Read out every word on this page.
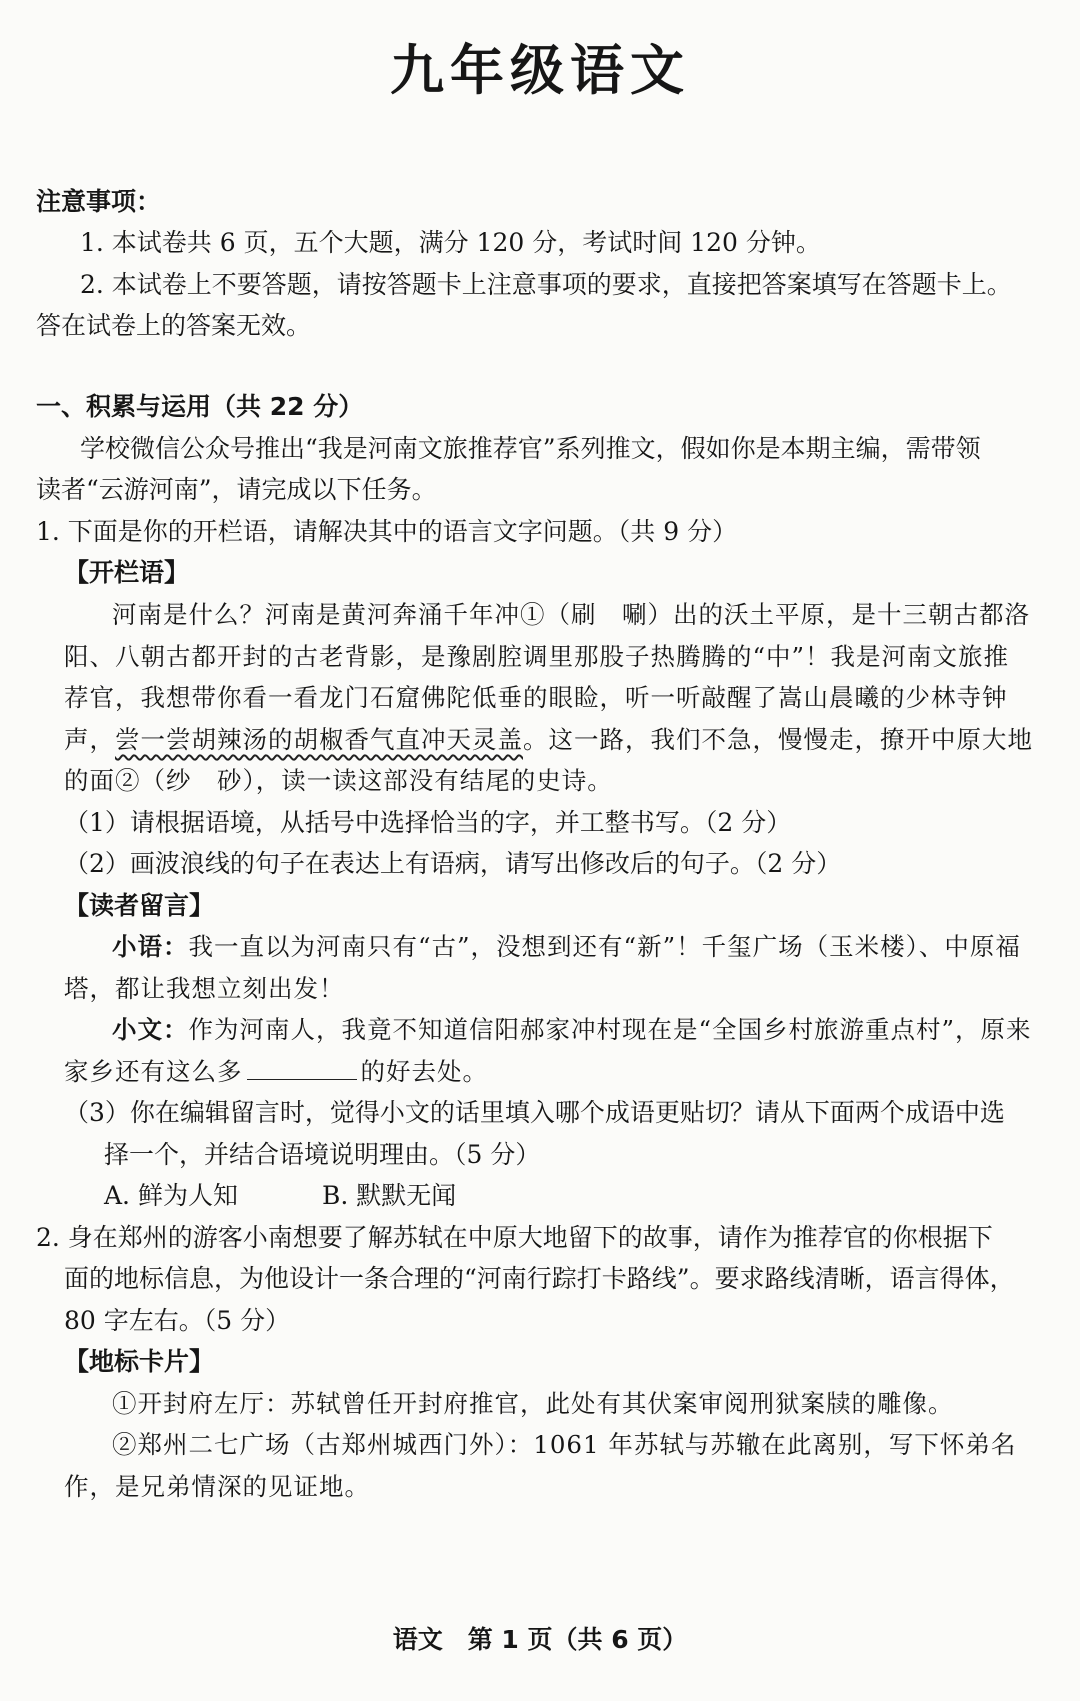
九年级语文
注意事项：
1. 本试卷共 6 页，五个大题，满分 120 分，考试时间 120 分钟。
2. 本试卷上不要答题，请按答题卡上注意事项的要求，直接把答案填写在答题卡上。
答在试卷上的答案无效。
一、积累与运用（共 22 分）
学校微信公众号推出“我是河南文旅推荐官”系列推文，假如你是本期主编，需带领
读者“云游河南”，请完成以下任务。
1. 下面是你的开栏语，请解决其中的语言文字问题。（共 9 分）
【开栏语】
河南是什么？河南是黄河奔涌千年冲①（刷　唰）出的沃土平原，是十三朝古都洛
阳、八朝古都开封的古老背影，是豫剧腔调里那股子热腾腾的“中”！我是河南文旅推
荐官，我想带你看一看龙门石窟佛陀低垂的眼睑，听一听敲醒了嵩山晨曦的少林寺钟
声，尝一尝胡辣汤的胡椒香气直冲天灵盖。这一路，我们不急，慢慢走，撩开中原大地
的面②（纱　砂），读一读这部没有结尾的史诗。
（1）请根据语境，从括号中选择恰当的字，并工整书写。（2 分）
（2）画波浪线的句子在表达上有语病，请写出修改后的句子。（2 分）
【读者留言】
小语：我一直以为河南只有“古”，没想到还有“新”！千玺广场（玉米楼）、中原福
塔，都让我想立刻出发！
小文：作为河南人，我竟不知道信阳郝家冲村现在是“全国乡村旅游重点村”，原来
家乡还有这么多	的好去处。
（3）你在编辑留言时，觉得小文的话里填入哪个成语更贴切？请从下面两个成语中选
择一个，并结合语境说明理由。（5 分）
A. 鲜为人知	B. 默默无闻
2. 身在郑州的游客小南想要了解苏轼在中原大地留下的故事，请作为推荐官的你根据下
面的地标信息，为他设计一条合理的“河南行踪打卡路线”。要求路线清晰，语言得体，
80 字左右。（5 分）
【地标卡片】
①开封府左厅：苏轼曾任开封府推官，此处有其伏案审阅刑狱案牍的雕像。
②郑州二七广场（古郑州城西门外）：1061 年苏轼与苏辙在此离别，写下怀弟名
作，是兄弟情深的见证地。
语文　第 1 页（共 6 页）
